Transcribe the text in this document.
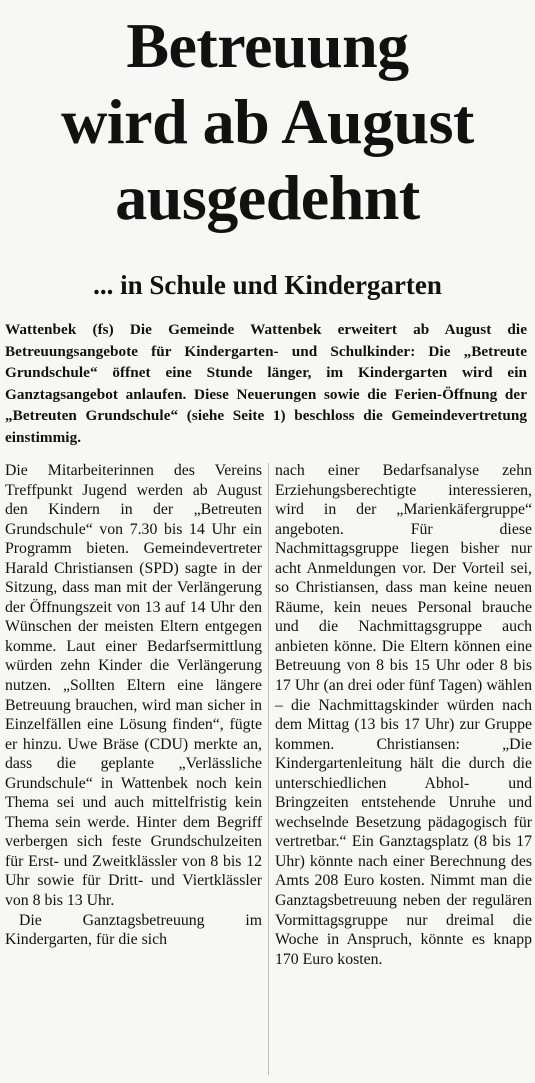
Betreuung
wird ab August
ausgedehnt
... in Schule und Kindergarten
Wattenbek (fs) Die Gemeinde Wattenbek erweitert ab August die Betreuungsangebote für Kindergarten- und Schulkinder: Die „Betreute Grundschule“ öffnet eine Stunde länger, im Kindergarten wird ein Ganztagsangebot anlaufen. Diese Neuerungen sowie die Ferien-Öffnung der „Betreuten Grundschule“ (siehe Seite 1) beschloss die Gemeindevertretung einstimmig.

Die Mitarbeiterinnen des Vereins Treffpunkt Jugend werden ab August den Kindern in der „Betreuten Grundschule“ von 7.30 bis 14 Uhr ein Programm bieten. Gemeindevertreter Harald Christiansen (SPD) sagte in der Sitzung, dass man mit der Verlängerung der Öffnungszeit von 13 auf 14 Uhr den Wünschen der meisten Eltern entgegen komme. Laut einer Bedarfsermittlung würden zehn Kinder die Verlängerung nutzen. „Sollten Eltern eine längere Betreuung brauchen, wird man sicher in Einzelfällen eine Lösung finden“, fügte er hinzu. Uwe Bräse (CDU) merkte an, dass die geplante „Verlässliche Grundschule“ in Wattenbek noch kein Thema sei und auch mittelfristig kein Thema sein werde. Hinter dem Begriff verbergen sich feste Grundschulzeiten für Erst- und Zweitklässler von 8 bis 12 Uhr sowie für Dritt- und Viertklässler von 8 bis 13 Uhr.

Die Ganztagsbetreuung im Kindergarten, für die sich

nach einer Bedarfsanalyse zehn Erziehungsberechtigte interessieren, wird in der „Marienkäfergruppe“ angeboten. Für diese Nachmittagsgruppe liegen bisher nur acht Anmeldungen vor. Der Vorteil sei, so Christiansen, dass man keine neuen Räume, kein neues Personal brauche und die Nachmittagsgruppe auch anbieten könne. Die Eltern können eine Betreuung von 8 bis 15 Uhr oder 8 bis 17 Uhr (an drei oder fünf Tagen) wählen – die Nachmittagskinder würden nach dem Mittag (13 bis 17 Uhr) zur Gruppe kommen. Christiansen: „Die Kindergartenleitung hält die durch die unterschiedlichen Abhol- und Bringzeiten entstehende Unruhe und wechselnde Besetzung pädagogisch für vertretbar.“ Ein Ganztagsplatz (8 bis 17 Uhr) könnte nach einer Berechnung des Amts 208 Euro kosten. Nimmt man die Ganztagsbetreuung neben der regulären Vormittagsgruppe nur dreimal die Woche in Anspruch, könnte es knapp 170 Euro kosten.
